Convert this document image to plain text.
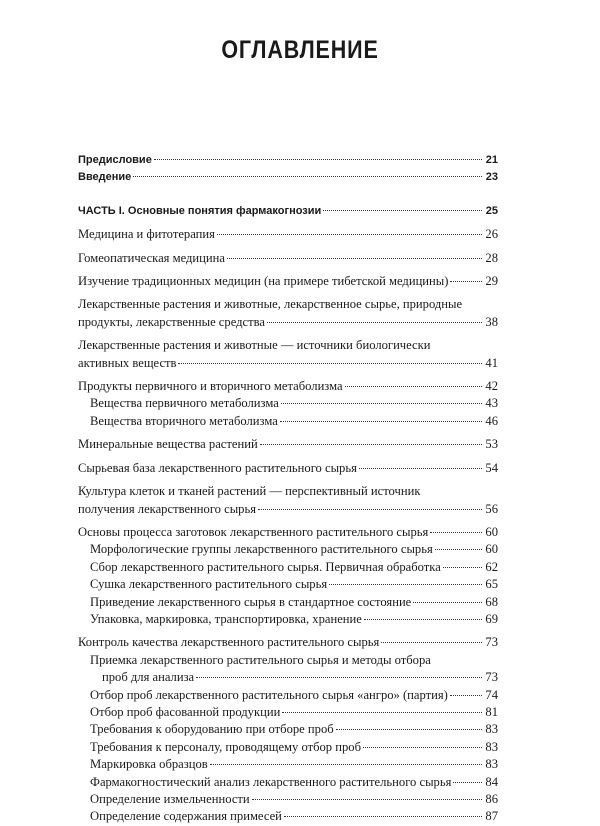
ОГЛАВЛЕНИЕ
Предисловие	21
Введение	23
ЧАСТЬ I. Основные понятия фармакогнозии	25
Медицина и фитотерапия	26
Гомеопатическая медицина	28
Изучение традиционных медицин (на примере тибетской медицины)	29
Лекарственные растения и животные, лекарственное сырье, природные
продукты, лекарственные средства	38
Лекарственные растения и животные — источники биологически
активных веществ	41
Продукты первичного и вторичного метаболизма	42
Вещества первичного метаболизма	43
Вещества вторичного метаболизма	46
Минеральные вещества растений	53
Сырьевая база лекарственного растительного сырья	54
Культура клеток и тканей растений — перспективный источник
получения лекарственного сырья	56
Основы процесса заготовок лекарственного растительного сырья	60
Морфологические группы лекарственного растительного сырья	60
Сбор лекарственного растительного сырья. Первичная обработка	62
Сушка лекарственного растительного сырья	65
Приведение лекарственного сырья в стандартное состояние	68
Упаковка, маркировка, транспортировка, хранение	69
Контроль качества лекарственного растительного сырья	73
Приемка лекарственного растительного сырья и методы отбора
проб для анализа	73
Отбор проб лекарственного растительного сырья «ангро» (партия)	74
Отбор проб фасованной продукции	81
Требования к оборудованию при отборе проб	83
Требования к персоналу, проводящему отбор проб	83
Маркировка образцов	83
Фармакогностический анализ лекарственного растительного сырья	84
Определение измельченности	86
Определение содержания примесей	87
